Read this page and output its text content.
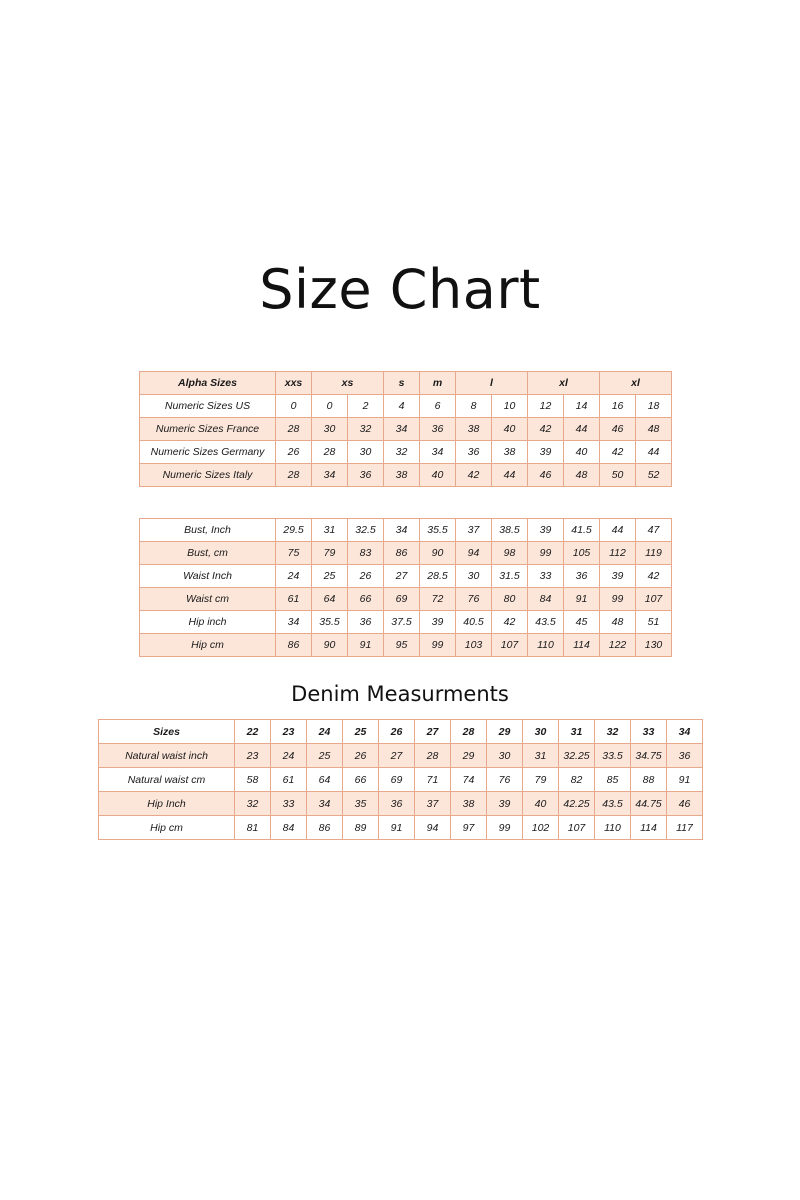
Size Chart
Alpha Sizes	xxs	xs		s	m	l		xl		xl	
Numeric Sizes US	0	0	2	4	6	8	10	12	14	16	18
Numeric Sizes France	28	30	32	34	36	38	40	42	44	46	48
Numeric Sizes Germany	26	28	30	32	34	36	38	39	40	42	44
Numeric Sizes Italy	28	34	36	38	40	42	44	46	48	50	52
Bust, Inch	29.5	31	32.5	34	35.5	37	38.5	39	41.5	44	47
Bust, cm	75	79	83	86	90	94	98	99	105	112	119
Waist Inch	24	25	26	27	28.5	30	31.5	33	36	39	42
Waist cm	61	64	66	69	72	76	80	84	91	99	107
Hip inch	34	35.5	36	37.5	39	40.5	42	43.5	45	48	51
Hip cm	86	90	91	95	99	103	107	110	114	122	130
Denim Measurments
Sizes	22	23	24	25	26	27	28	29	30	31	32	33	34
Natural waist inch	23	24	25	26	27	28	29	30	31	32.25	33.5	34.75	36
Natural waist cm	58	61	64	66	69	71	74	76	79	82	85	88	91
Hip Inch	32	33	34	35	36	37	38	39	40	42.25	43.5	44.75	46
Hip cm	81	84	86	89	91	94	97	99	102	107	110	114	117
